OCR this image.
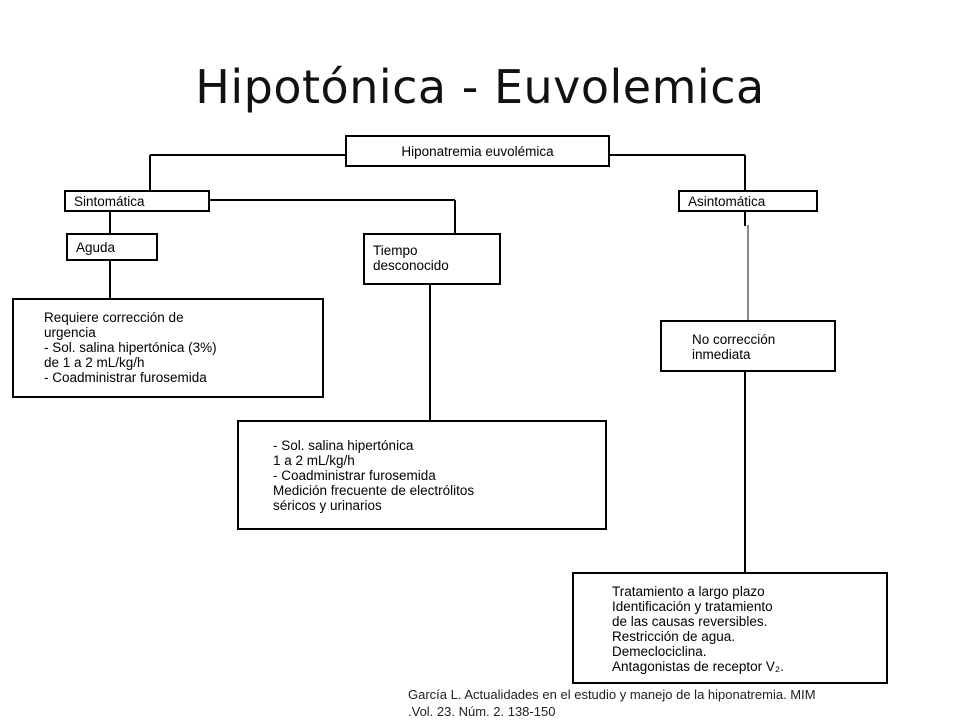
Hipotónica - Euvolemica
Hiponatremia euvolémica
Sintomática	Asintomática
Aguda	Tiempo
desconocido
Requiere corrección de
urgencia
- Sol. salina hipertónica (3%)
de 1 a 2 mL/kg/h
- Coadministrar furosemida
No corrección
inmediata
- Sol. salina hipertónica
1 a 2 mL/kg/h
- Coadministrar furosemida
Medición frecuente de electrólitos
séricos y urinarios
Tratamiento a largo plazo
Identificación y tratamiento
de las causas reversibles.
Restricción de agua.
Demeclociclina.
Antagonistas de receptor V₂.
García L. Actualidades en el estudio y manejo de la hiponatremia. MIM
.Vol. 23. Núm. 2. 138-150
